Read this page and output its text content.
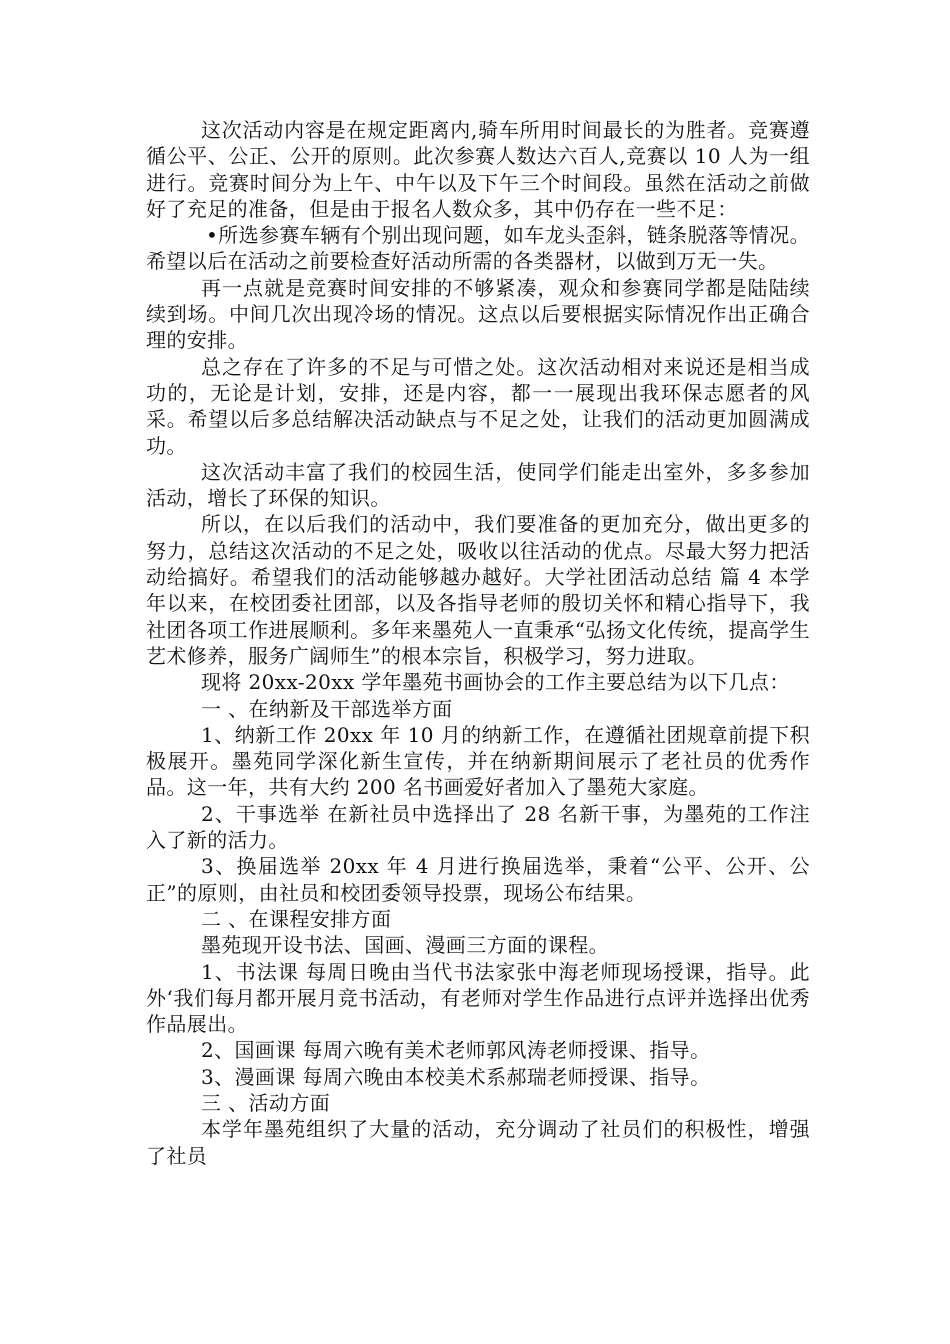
这次活动内容是在规定距离内,骑车所用时间最长的为胜者。竞赛遵循公平、公正、公开的原则。此次参赛人数达六百人,竞赛以 10 人为一组进行。竞赛时间分为上午、中午以及下午三个时间段。虽然在活动之前做好了充足的准备，但是由于报名人数众多，其中仍存在一些不足：

•所选参赛车辆有个别出现问题，如车龙头歪斜，链条脱落等情况。希望以后在活动之前要检查好活动所需的各类器材，以做到万无一失。

再一点就是竞赛时间安排的不够紧凑，观众和参赛同学都是陆陆续续到场。中间几次出现冷场的情况。这点以后要根据实际情况作出正确合理的安排。

总之存在了许多的不足与可惜之处。这次活动相对来说还是相当成功的，无论是计划，安排，还是内容，都一一展现出我环保志愿者的风采。希望以后多总结解决活动缺点与不足之处，让我们的活动更加圆满成功。

这次活动丰富了我们的校园生活，使同学们能走出室外，多多参加活动，增长了环保的知识。

所以，在以后我们的活动中，我们要准备的更加充分，做出更多的努力，总结这次活动的不足之处，吸收以往活动的优点。尽最大努力把活动给搞好。希望我们的活动能够越办越好。大学社团活动总结 篇 4 本学年以来，在校团委社团部，以及各指导老师的殷切关怀和精心指导下，我社团各项工作进展顺利。多年来墨苑人一直秉承“弘扬文化传统，提高学生艺术修养，服务广阔师生”的根本宗旨，积极学习，努力进取。

现将 20xx-20xx 学年墨苑书画协会的工作主要总结为以下几点：

一 、在纳新及干部选举方面

1、纳新工作 20xx 年 10 月的纳新工作，在遵循社团规章前提下积极展开。墨苑同学深化新生宣传，并在纳新期间展示了老社员的优秀作品。这一年，共有大约 200 名书画爱好者加入了墨苑大家庭。

2、干事选举 在新社员中选择出了 28 名新干事，为墨苑的工作注入了新的活力。

3、换届选举 20xx 年 4 月进行换届选举，秉着“公平、公开、公正”的原则，由社员和校团委领导投票，现场公布结果。

二 、在课程安排方面

墨苑现开设书法、国画、漫画三方面的课程。

1、书法课 每周日晚由当代书法家张中海老师现场授课，指导。此外‘我们每月都开展月竞书活动，有老师对学生作品进行点评并选择出优秀作品展出。

2、国画课 每周六晚有美术老师郭风涛老师授课、指导。

3、漫画课 每周六晚由本校美术系郝瑞老师授课、指导。

三 、活动方面

本学年墨苑组织了大量的活动，充分调动了社员们的积极性，增强了社员
